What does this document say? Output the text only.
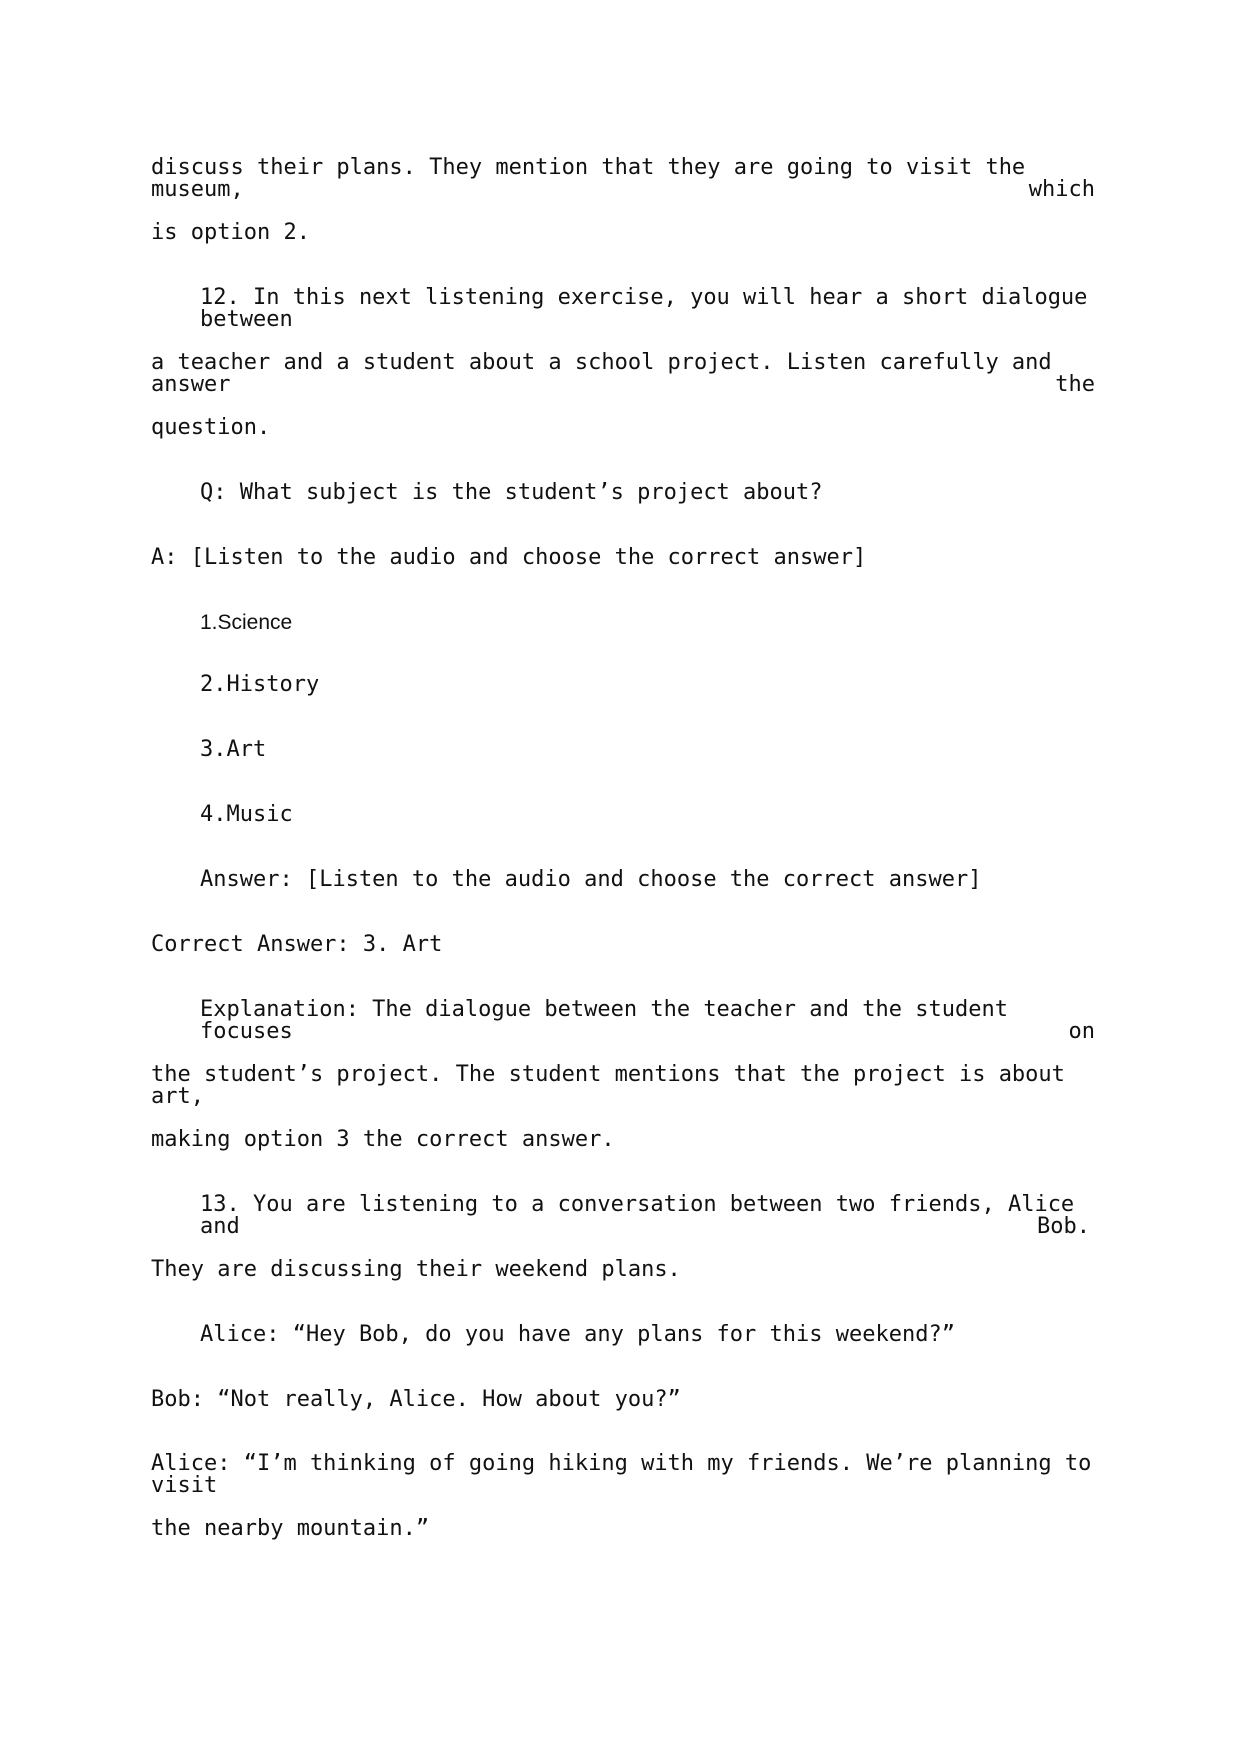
discuss their plans. They mention that they are going to visit the museum, which
is option 2.
12. In this next listening exercise, you will hear a short dialogue between
a teacher and a student about a school project. Listen carefully and answer the
question.
Q: What subject is the student’s project about?
A: [Listen to the audio and choose the correct answer]
1.Science
2.History
3.Art
4.Music
Answer: [Listen to the audio and choose the correct answer]
Correct Answer: 3. Art
Explanation: The dialogue between the teacher and the student focuses on
the student’s project. The student mentions that the project is about art,
making option 3 the correct answer.
13. You are listening to a conversation between two friends, Alice and Bob.
They are discussing their weekend plans.
Alice: “Hey Bob, do you have any plans for this weekend?”
Bob: “Not really, Alice. How about you?”
Alice: “I’m thinking of going hiking with my friends. We’re planning to visit
the nearby mountain.”
